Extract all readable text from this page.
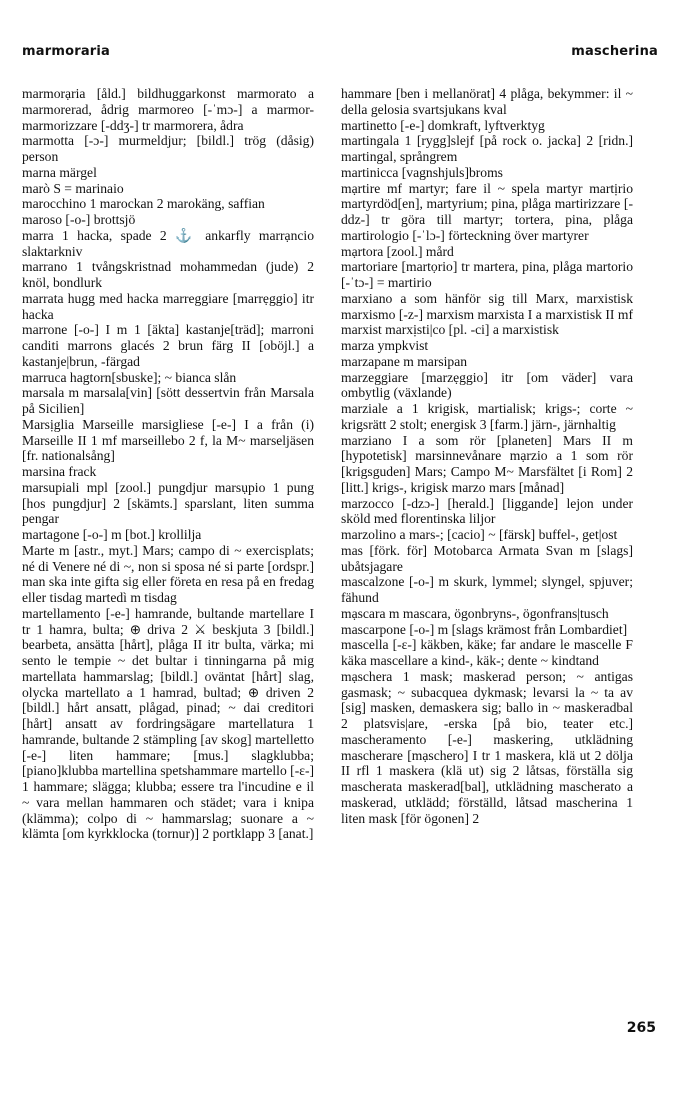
marmoraria	mascherina

marmorạria [åld.] bildhuggarkonst marmorato a marmorerad, ådrig marmoreo [-ˈmɔ-] a marmor- marmorizzare [-ddʒ-] tr marmorera, ådra

marmotta [-ɔ-] murmeldjur; [bildl.] trög (dåsig) person

marna märgel

marò S = marinaio

marocchino 1 marockan 2 marokäng, saffian

maroso [-o-] brottsjö

marra 1 hacka, spade 2 ⚓ ankarfly marrạncio slaktarkniv

marrano 1 tvångskristnad mohammedan (jude) 2 knöl, bondlurk

marrata hugg med hacka marreggiare [marrẹggio] itr hacka

marrone [-o-] I m 1 [äkta] kastanje[träd]; marroni canditi marrons glacés 2 brun färg II [oböjl.] a kastanje|brun, -färgad

marruca hagtorn[sbuske]; ~ bianca slån

marsala m marsala[vin] [sött dessertvin från Marsala på Sicilien]

Marsịglia Marseille marsigliese [-e-] I a från (i) Marseille II 1 mf marseillebo 2 f, la M~ marseljäsen [fr. nationalsång]

marsina frack

marsupiali mpl [zool.] pungdjur marsụpio 1 pung [hos pungdjur] 2 [skämts.] sparslant, liten summa pengar

martagone [-o-] m [bot.] krollilja

Marte m [astr., myt.] Mars; campo di ~ exercisplats; né di Venere né di ~, non si sposa né si parte [ordspr.] man ska inte gifta sig eller företa en resa på en fredag eller tisdag martedì m tisdag

martellamento [-e-] hamrande, bultande martellare I tr 1 hamra, bulta; ⊕ driva 2 ⚔ beskjuta 3 [bildl.] bearbeta, ansätta [hårt], plåga II itr bulta, värka; mi sento le tempie ~ det bultar i tinningarna på mig martellata hammarslag; [bildl.] oväntat [hårt] slag, olycka martellato a 1 hamrad, bultad; ⊕ driven 2 [bildl.] hårt ansatt, plågad, pinad; ~ dai creditori [hårt] ansatt av fordringsägare martellatura 1 hamrande, bultande 2 stämpling [av skog] martelletto [-e-] liten hammare; [mus.] slagklubba; [piano]klubba martellina spetshammare martello [-ɛ-] 1 hammare; slägga; klubba; essere tra l'incudine e il ~ vara mellan hammaren och städet; vara i knipa (klämma); colpo di ~ hammarslag; suonare a ~ klämta [om kyrkklocka (tornur)] 2 portklapp 3 [anat.]

hammare [ben i mellanörat] 4 plåga, bekymmer: il ~ della gelosia svartsjukans kval

martinetto [-e-] domkraft, lyftverktyg

martingala 1 [rygg]slejf [på rock o. jacka] 2 [ridn.] martingal, språngrem

martinicca [vagnshjuls]broms

mạrtire mf martyr; fare il ~ spela martyr martịrio martyrdöd[en], martyrium; pina, plåga martirizzare [-ddz-] tr göra till martyr; tortera, pina, plåga martirologio [-ˈlɔ-] förteckning över martyrer

mạrtora [zool.] mård

martoriare [martọrio] tr martera, pina, plåga martorio [-ˈtɔ-] = martirio

marxiano a som hänför sig till Marx, marxistisk marxismo [-z-] marxism marxista I a marxistisk II mf marxist marxịsti|co [pl. -ci] a marxistisk

marza ympkvist

marzapane m marsipan

marzeggiare [marzẹggio] itr [om väder] vara ombytlig (växlande)

marziale a 1 krigisk, martialisk; krigs-; corte ~ krigsrätt 2 stolt; energisk 3 [farm.] järn-, järnhaltig

marziano I a som rör [planeten] Mars II m [hypotetisk] marsinnevånare mạrzio a 1 som rör [krigsguden] Mars; Campo M~ Marsfältet [i Rom] 2 [litt.] krigs-, krigisk marzo mars [månad]

marzocco [-dzɔ-] [herald.] [liggande] lejon under sköld med florentinska liljor

marzolino a mars-; [cacio] ~ [färsk] buffel-, get|ost

mas [förk. för] Motobarca Armata Svan m [slags] ubåtsjagare

mascalzone [-o-] m skurk, lymmel; slyngel, spjuver; fähund

mạscara m mascara, ögonbryns-, ögonfrans|tusch

mascarpone [-o-] m [slags krämost från Lombardiet]

mascella [-ɛ-] käkben, käke; far andare le mascelle F käka mascellare a kind-, käk-; dente ~ kindtand

mạschera 1 mask; maskerad person; ~ antigas gasmask; ~ subacquea dykmask; levarsi la ~ ta av [sig] masken, demaskera sig; ballo in ~ maskeradbal 2 platsvis|are, -erska [på bio, teater etc.] mascheramento [-e-] maskering, utklädning mascherare [mạschero] I tr 1 maskera, klä ut 2 dölja II rfl 1 maskera (klä ut) sig 2 låtsas, förställa sig mascherata maskerad[bal], utklädning mascherato a maskerad, utklädd; förställd, låtsad mascherina 1 liten mask [för ögonen] 2

265
